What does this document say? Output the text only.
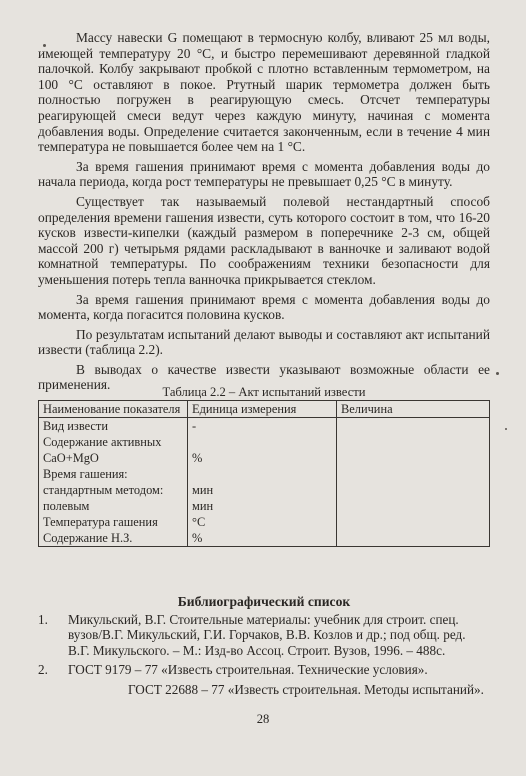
Массу навески G помещают в термосную колбу, вливают 25 мл воды, имеющей температуру 20 °С, и быстро перемешивают деревянной гладкой палочкой. Колбу закрывают пробкой с плотно вставленным термометром, на 100 °С оставляют в покое. Ртутный шарик термометра должен быть полностью погружен в реагирующую смесь. Отсчет температуры реагирующей смеси ведут через каждую минуту, начиная с момента добавления воды. Определение считается законченным, если в течение 4 мин температура не повышается более чем на 1 °С.

За время гашения принимают время с момента добавления воды до начала периода, когда рост температуры не превышает 0,25 °С в минуту.

Существует так называемый полевой нестандартный способ определения времени гашения извести, суть которого состоит в том, что 16-20 кусков извести-кипелки (каждый размером в поперечнике 2-3 см, общей массой 200 г) четырьмя рядами раскладывают в ванночке и заливают водой комнатной температуры. По соображениям техники безопасности для уменьшения потерь тепла ванночка прикрывается стеклом.

За время гашения принимают время с момента добавления воды до момента, когда погасится половина кусков.

По результатам испытаний делают выводы и составляют акт испытаний извести (таблица 2.2).

В выводах о качестве извести указывают возможные области ее применения.	Таблица 2.2 – Акт испытаний извести
Наименование показателя	Единица измерения	Величина
Вид извести	-	
Содержание активных		
CaO+MgO	%	
Время гашения:		
стандартным методом:	мин	
полевым	мин	
Температура гашения	°С	
Содержание Н.З.	%	
Библиографический список
1.	Микульский, В.Г. Стоительные материалы: учебник для строит. спец. вузов/В.Г. Микульский, Г.И. Горчаков, В.В. Козлов и др.; под общ. ред. В.Г. Микульского. – М.: Изд-во Ассоц. Строит. Вузов, 1996. – 488с.
2.	ГОСТ 9179 – 77 «Известь строительная. Технические условия».
ГОСТ 22688 – 77 «Известь строительная. Методы испытаний».
28
